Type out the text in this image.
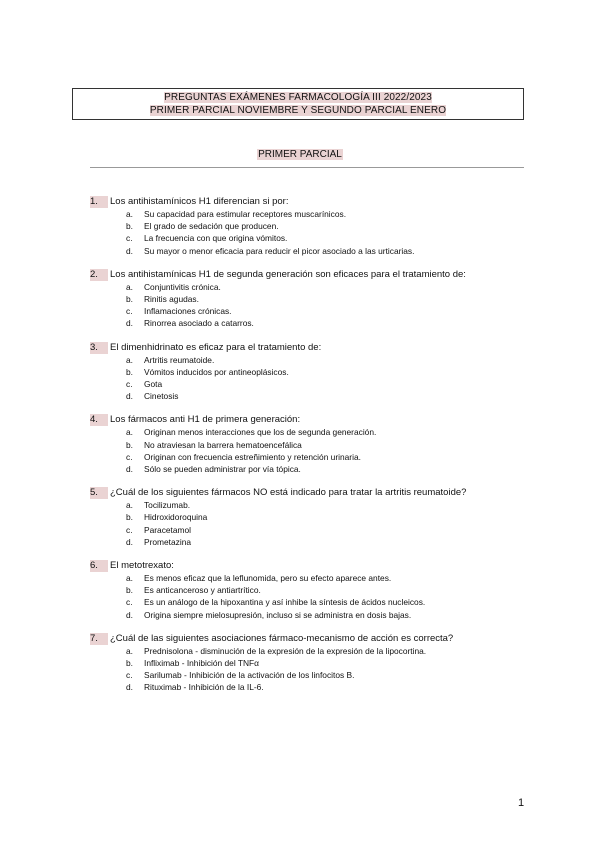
PREGUNTAS EXÁMENES FARMACOLOGÍA III 2022/2023
PRIMER PARCIAL NOVIEMBRE Y SEGUNDO PARCIAL ENERO
PRIMER PARCIAL
1.	Los antihistamínicos H1 diferencian si por:
a.	Su capacidad para estimular receptores muscarínicos.
b.	El grado de sedación que producen.
c.	La frecuencia con que origina vómitos.
d.	Su mayor o menor eficacia para reducir el picor asociado a las urticarias.
2.	Los antihistamínicas H1 de segunda generación son eficaces para el tratamiento de:
a.	Conjuntivitis crónica.
b.	Rinitis agudas.
c.	Inflamaciones crónicas.
d.	Rinorrea asociado a catarros.
3.	El dimenhidrinato es eficaz para el tratamiento de:
a.	Artritis reumatoide.
b.	Vómitos inducidos por antineoplásicos.
c.	Gota
d.	Cinetosis
4.	Los fármacos anti H1 de primera generación:
a.	Originan menos interacciones que los de segunda generación.
b.	No atraviesan la barrera hematoencefálica
c.	Originan con frecuencia estreñimiento y retención urinaria.
d.	Sólo se pueden administrar por vía tópica.
5.	¿Cuál de los siguientes fármacos NO está indicado para tratar la artritis reumatoide?
a.	Tocilizumab.
b.	Hidroxidoroquina
c.	Paracetamol
d.	Prometazina
6.	El metotrexato:
a.	Es menos eficaz que la leflunomida, pero su efecto aparece antes.
b.	Es anticanceroso y antiartrítico.
c.	Es un análogo de la hipoxantina y así inhibe la síntesis de ácidos nucleicos.
d.	Origina siempre mielosupresión, incluso si se administra en dosis bajas.
7.	¿Cuál de las siguientes asociaciones fármaco-mecanismo de acción es correcta?
a.	Prednisolona - disminución de la expresión de la expresión de la lipocortina.
b.	Infliximab - Inhibición del TNFα
c.	Sarilumab - Inhibición de la activación de los linfocitos B.
d.	Rituximab - Inhibición de la IL-6.
1
